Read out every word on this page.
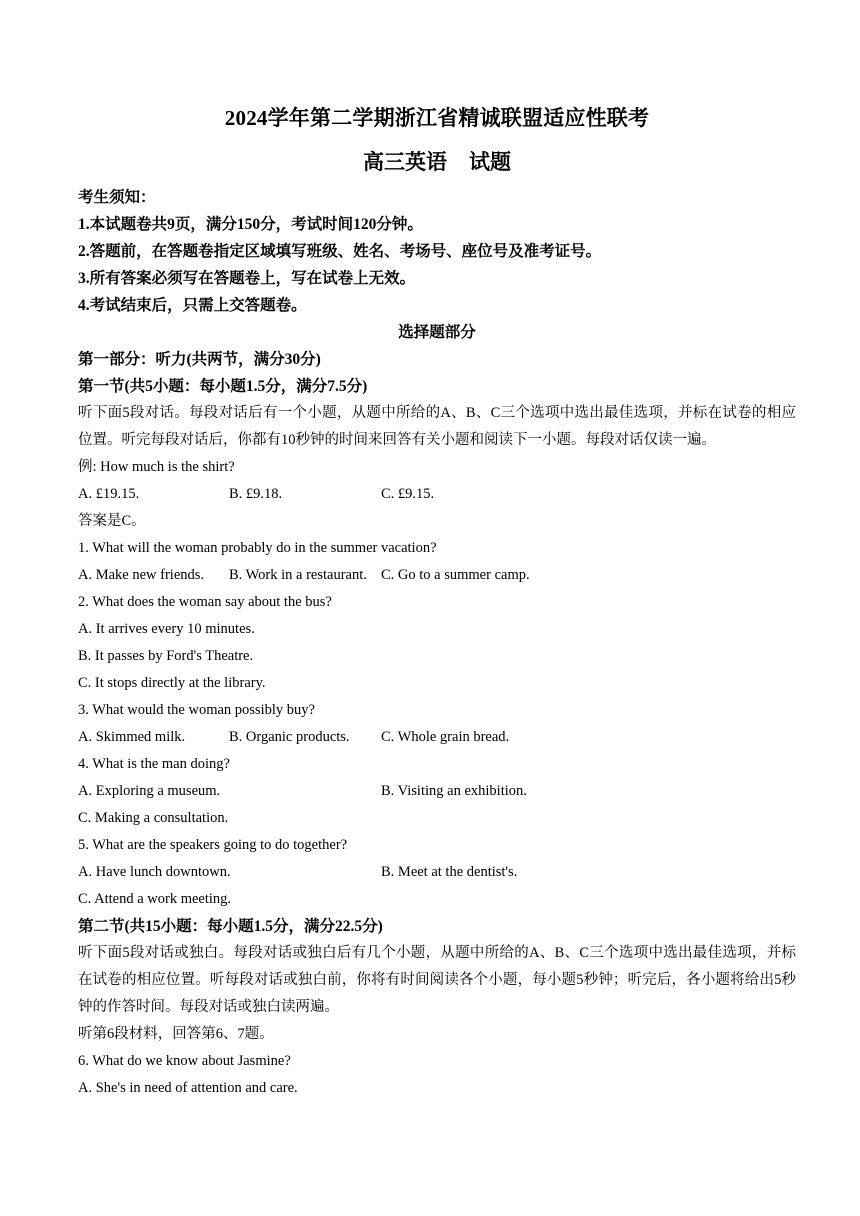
2024学年第二学期浙江省精诚联盟适应性联考
高三英语 试题
考生须知：
1.本试题卷共9页，满分150分，考试时间120分钟。
2.答题前，在答题卷指定区域填写班级、姓名、考场号、座位号及准考证号。
3.所有答案必须写在答题卷上，写在试卷上无效。
4.考试结束后，只需上交答题卷。
选择题部分
第一部分：听力(共两节，满分30分)
第一节(共5小题：每小题1.5分，满分7.5分)
听下面5段对话。每段对话后有一个小题，从题中所给的A、B、C三个选项中选出最佳选项，并标在试卷的相应位置。听完每段对话后，你都有10秒钟的时间来回答有关小题和阅读下一小题。每段对话仅读一遍。
例: How much is the shirt?
A. £19.15.	B. £9.18.	C. £9.15.
答案是C。
1. What will the woman probably do in the summer vacation?
A. Make new friends.	B. Work in a restaurant. C. Go to a summer camp.
2. What does the woman say about the bus?
A. It arrives every 10 minutes.
B. It passes by Ford's Theatre.
C. It stops directly at the library.
3. What would the woman possibly buy?
A. Skimmed milk.	B. Organic products.	C. Whole grain bread.
4. What is the man doing?
A. Exploring a museum.	B. Visiting an exhibition.
C. Making a consultation.
5. What are the speakers going to do together?
A. Have lunch downtown.	B. Meet at the dentist's.
C. Attend a work meeting.
第二节(共15小题：每小题1.5分，满分22.5分)
听下面5段对话或独白。每段对话或独白后有几个小题，从题中所给的A、B、C三个选项中选出最佳选项，并标在试卷的相应位置。听每段对话或独白前，你将有时间阅读各个小题，每小题5秒钟；听完后，各小题将给出5秒钟的作答时间。每段对话或独白读两遍。
听第6段材料，回答第6、7题。
6. What do we know about Jasmine?
A. She's in need of attention and care.
